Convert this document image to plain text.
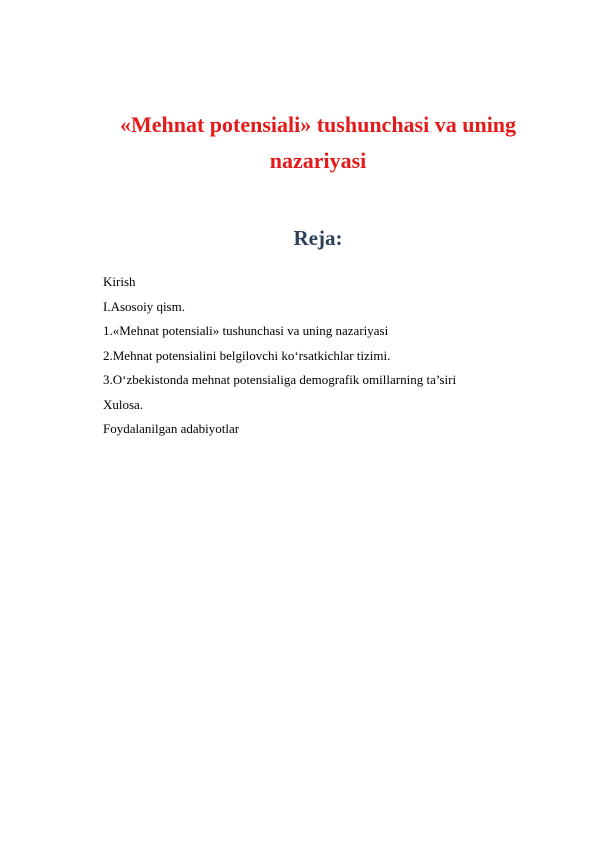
«Mehnat potensiali» tushunchasi va uning
nazariyasi
Reja:
Kirish
I.Asosoiy qism.
1.«Mehnat potensiali» tushunchasi va uning nazariyasi
2.Mehnat potensialini belgilovchi ko‘rsatkichlar tizimi.
3.O‘zbekistonda mehnat potensialiga demografik omillarning ta’siri
Xulosa.
Foydalanilgan adabiyotlar
